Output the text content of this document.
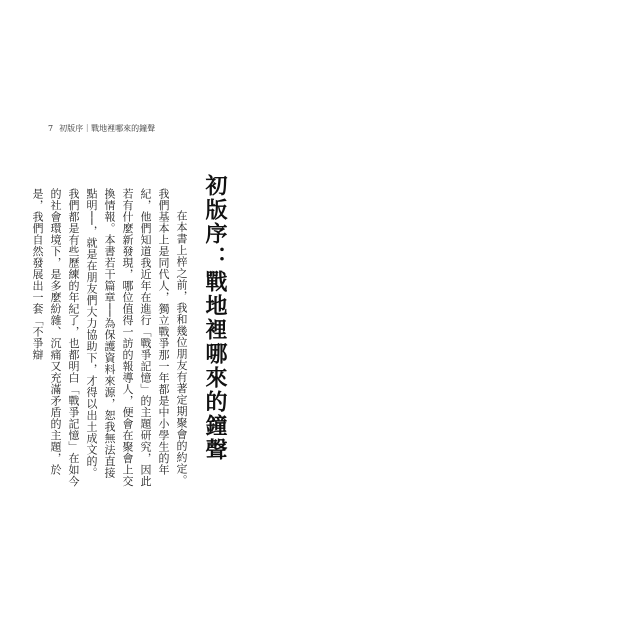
7 初版序｜戰地裡哪來的鐘聲
初版序：戰地裡哪來的鐘聲

在本書上梓之前，我和幾位朋友有著定期聚會的約定。我們基本上是同代人，獨立戰爭那一年都是中小學生的年紀，他們知道我近年在進行「戰爭記憶」的主題研究，因此若有什麼新發現，哪位值得一訪的報導人，便會在聚會上交換情報。本書若干篇章──為保護資料來源，恕我無法直接點明──，就是在朋友們大力協助下，才得以出土成文的。我們都是有些歷練的年紀了，也都明白「戰爭記憶」在如今的社會環境下，是多麼紛雜、沉痛又充滿矛盾的主題，於是，我們自然發展出一套「不爭辯
